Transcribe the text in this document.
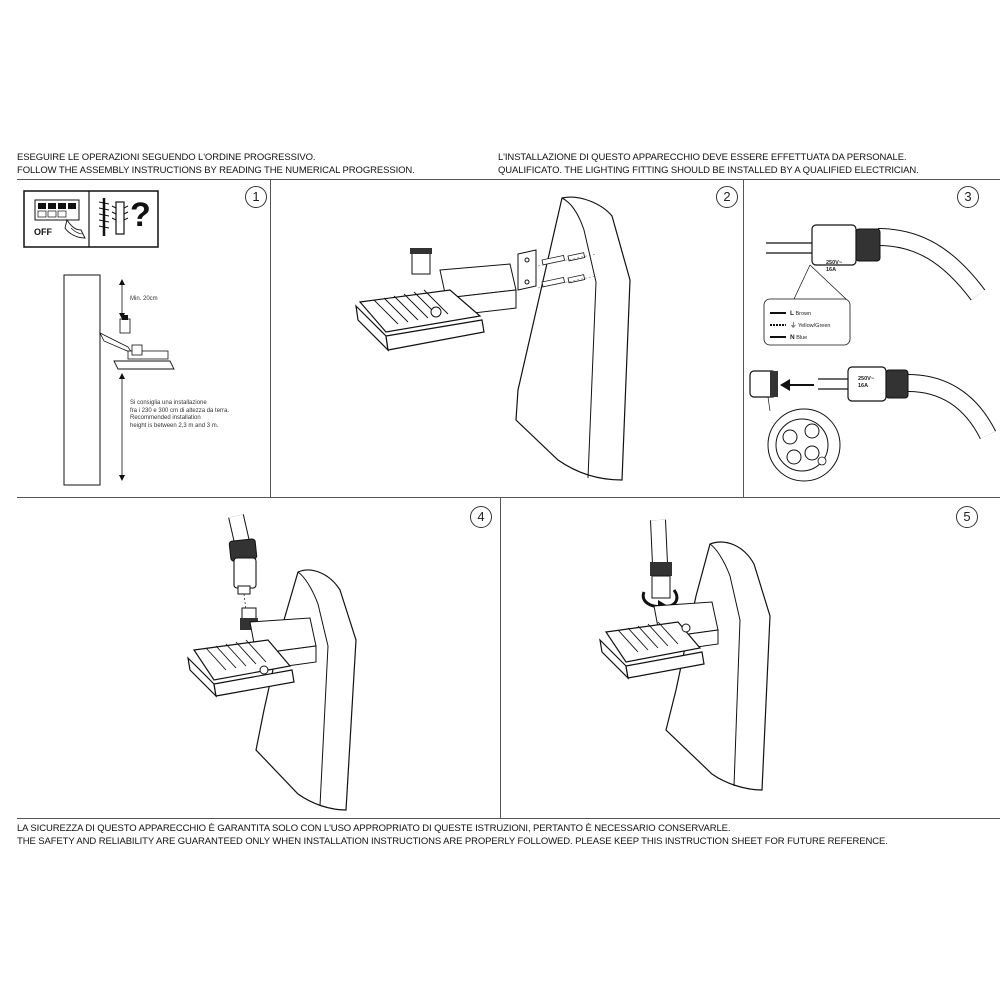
ESEGUIRE LE OPERAZIONI SEGUENDO L'ORDINE PROGRESSIVO.
FOLLOW THE ASSEMBLY INSTRUCTIONS BY READING THE NUMERICAL PROGRESSION.
L'INSTALLAZIONE DI QUESTO APPARECCHIO DEVE ESSERE EFFETTUATA DA PERSONALE.
QUALIFICATO. THE LIGHTING FITTING SHOULD BE INSTALLED BY A QUALIFIED ELECTRICIAN.
1
OFF ?
Min. 20cm
Si consiglia una installazione
fra i 230 e 300 cm di altezza da terra.
Recommended installation
height is between 2,3 m and 3 m.
2	3
250V~
16A
250V~
16A
L Brown
⏚ Yellow/Green
N Blue
4	5
LA SICUREZZA DI QUESTO APPARECCHIO È GARANTITA SOLO CON L'USO APPROPRIATO DI QUESTE ISTRUZIONI, PERTANTO È NECESSARIO CONSERVARLE.
THE SAFETY AND RELIABILITY ARE GUARANTEED ONLY WHEN INSTALLATION INSTRUCTIONS ARE PROPERLY FOLLOWED. PLEASE KEEP THIS INSTRUCTION SHEET FOR FUTURE REFERENCE.
